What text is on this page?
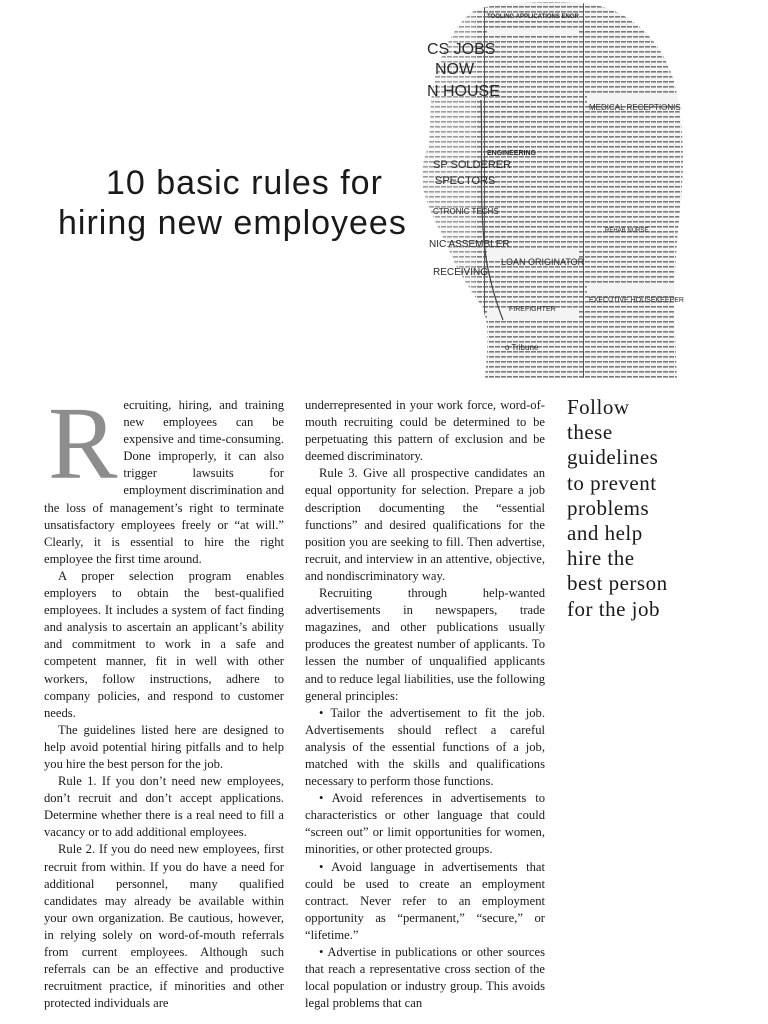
TOOLING APPLICATIONS ENGR
CS JOBS
NOW
N HOUSE
ENGINEERING
SP SOLDERER
SPECTORS
CTRONIC TECHS
NIC ASSEMBLER
RECEIVING
MEDICAL RECEPTIONIS
LOAN ORIGINATOR
FIREFIGHTER
EXECUTIVE HOUSEKEEPER
REHAB NURSE
o Tribune
10 basic rules for
hiring new employees

Recruiting, hiring, and training new employees can be expensive and time-consuming. Done improperly, it can also trigger lawsuits for employment discrimination and the loss of management’s right to terminate unsatisfactory employees freely or “at will.” Clearly, it is essential to hire the right employee the first time around.

A proper selection program enables employers to obtain the best-qualified employees. It includes a system of fact finding and analysis to ascertain an applicant’s ability and commitment to work in a safe and competent manner, fit in well with other workers, follow instructions, adhere to company policies, and respond to customer needs.

The guidelines listed here are designed to help avoid potential hiring pitfalls and to help you hire the best person for the job.

Rule 1. If you don’t need new employees, don’t recruit and don’t accept applications. Determine whether there is a real need to fill a vacancy or to add additional employees.

Rule 2. If you do need new employees, first recruit from within. If you do have a need for additional personnel, many qualified candidates may already be available within your own organization. Be cautious, however, in relying solely on word-of-mouth referrals from current employees. Although such referrals can be an effective and productive recruitment practice, if minorities and other protected individuals are

underrepresented in your work force, word-of-mouth recruiting could be determined to be perpetuating this pattern of exclusion and be deemed discriminatory.

Rule 3. Give all prospective candidates an equal opportunity for selection. Prepare a job description documenting the “essential functions” and desired qualifications for the position you are seeking to fill. Then advertise, recruit, and interview in an attentive, objective, and nondiscriminatory way.

Recruiting through help-wanted advertisements in newspapers, trade magazines, and other publications usually produces the greatest number of applicants. To lessen the number of unqualified applicants and to reduce legal liabilities, use the following general principles:

• Tailor the advertisement to fit the job. Advertisements should reflect a careful analysis of the essential functions of a job, matched with the skills and qualifications necessary to perform those functions.

• Avoid references in advertisements to characteristics or other language that could “screen out” or limit opportunities for women, minorities, or other protected groups.

• Avoid language in advertisements that could be used to create an employment contract. Never refer to an employment opportunity as “permanent,” “secure,” or “lifetime.”

• Advertise in publications or other sources that reach a representative cross section of the local population or industry group. This avoids legal problems that can

Follow
these
guidelines
to prevent
problems
and help
hire the
best person
for the job
